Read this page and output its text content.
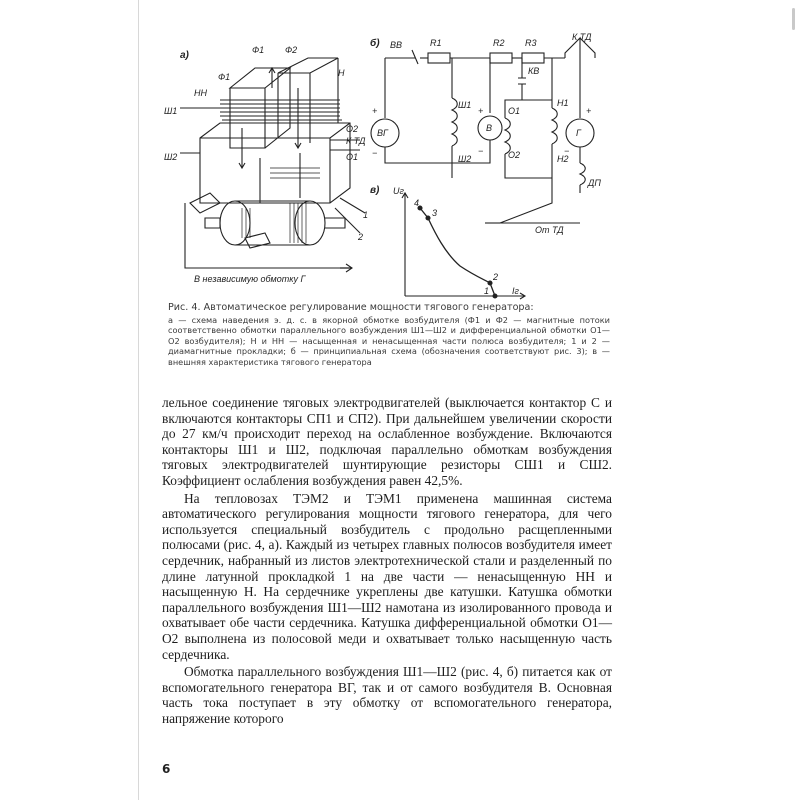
а)	Ф1 Ф2
Ф1
НН
Н
Ш1
Ш2
О2
К ТД
О1
1
2
В независимую обмотку Г
б) ВВ	R1	R2 R3
К ТД
КВ
ВГ
Ш1
Ш2
В
О1
О2
Н1
Н2
Г
ДП
+
−
+
−
+
−
От ТД
в) Uг
Iг
4
3
2
1
Рис. 4. Автоматическое регулирование мощности тягового генератора:
а — схема наведения э. д. с. в якорной обмотке возбудителя (Ф1 и Ф2 — магнитные потоки соответственно обмотки параллельного возбуждения Ш1—Ш2 и дифференциальной обмотки О1—О2 возбудителя); Н и НН — насыщенная и ненасыщенная части полюса возбудителя; 1 и 2 — диамагнитные прокладки; б — принципиальная схема (обозначения соответствуют рис. 3); в — внешняя характеристика тягового генератора

лельное соединение тяговых электродвигателей (выключается контактор С и включаются контакторы СП1 и СП2). При дальнейшем увеличении скорости до 27 км/ч происходит переход на ослабленное возбуждение. Включаются контакторы Ш1 и Ш2, подключая параллельно обмоткам возбуждения тяговых электродвигателей шунтирующие резисторы СШ1 и СШ2. Коэффициент ослабления возбуждения равен 42,5%.

На тепловозах ТЭМ2 и ТЭМ1 применена машинная система автоматического регулирования мощности тягового генератора, для чего используется специальный возбудитель с продольно расщепленными полюсами (рис. 4, а). Каждый из четырех главных полюсов возбудителя имеет сердечник, набранный из листов электротехнической стали и разделенный по длине латунной прокладкой 1 на две части — ненасыщенную НН и насыщенную Н. На сердечнике укреплены две катушки. Катушка обмотки параллельного возбуждения Ш1—Ш2 намотана из изолированного провода и охватывает обе части сердечника. Катушка дифференциальной обмотки О1—О2 выполнена из полосовой меди и охватывает только насыщенную часть сердечника.

Обмотка параллельного возбуждения Ш1—Ш2 (рис. 4, б) питается как от вспомогательного генератора ВГ, так и от самого возбудителя В. Основная часть тока поступает в эту обмотку от вспомогательного генератора, напряжение которого

6
